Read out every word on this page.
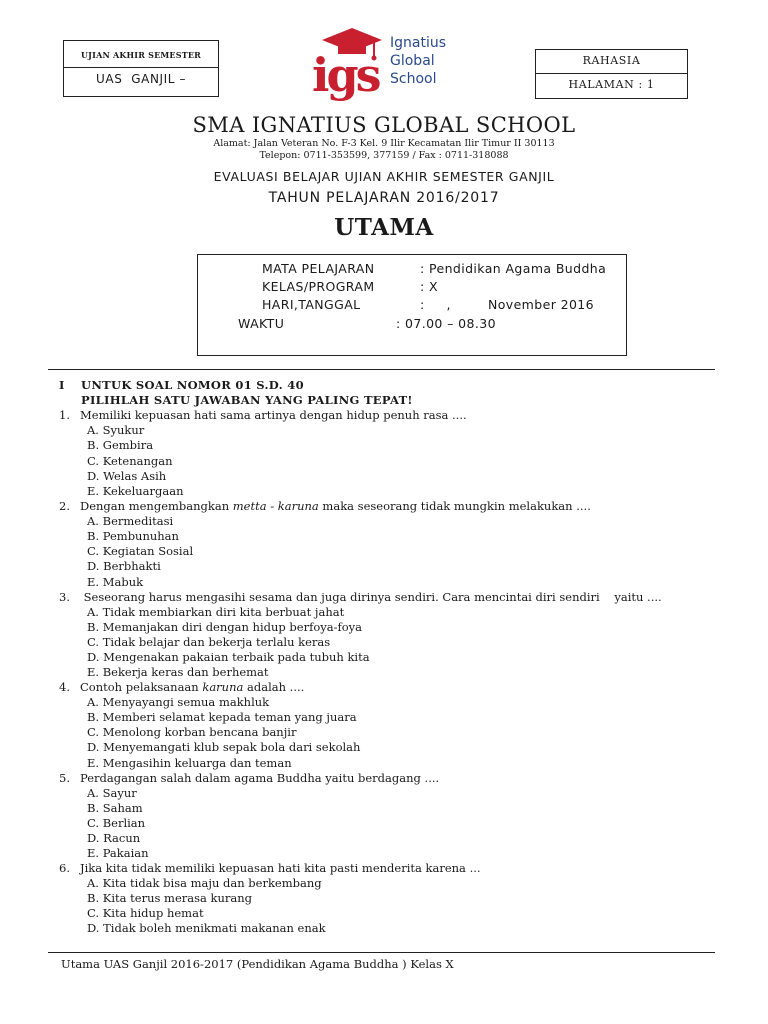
UJIAN AKHIR SEMESTER
UAS  GANJIL –	igs
Ignatius
Global
School
RAHASIA
HALAMAN : 1
SMA IGNATIUS GLOBAL SCHOOL
Alamat: Jalan Veteran No. F-3 Kel. 9 Ilir Kecamatan Ilir Timur II 30113
Telepon: 0711-353599, 377159 / Fax : 0711-318088
EVALUASI BELAJAR UJIAN AKHIR SEMESTER GANJIL
TAHUN PELAJARAN 2016/2017
UTAMA
MATA PELAJARAN	: Pendidikan Agama Buddha
KELAS/PROGRAM	: X
HARI,TANGGAL	:     ,	November 2016
WAKTU	: 07.00 – 08.30
I UNTUK SOAL NOMOR 01 S.D. 40
PILIHLAH SATU JAWABAN YANG PALING TEPAT!
1. Memiliki kepuasan hati sama artinya dengan hidup penuh rasa ....
A. Syukur
B. Gembira
C. Ketenangan
D. Welas Asih
E. Kekeluargaan
2. Dengan mengembangkan metta - karuna maka seseorang tidak mungkin melakukan ....
A. Bermeditasi
B. Pembunuhan
C. Kegiatan Sosial
D. Berbhakti
E. Mabuk
3. Seseorang harus mengasihi sesama dan juga dirinya sendiri. Cara mencintai diri sendiri    yaitu ....
A. Tidak membiarkan diri kita berbuat jahat
B. Memanjakan diri dengan hidup berfoya-foya
C. Tidak belajar dan bekerja terlalu keras
D. Mengenakan pakaian terbaik pada tubuh kita
E. Bekerja keras dan berhemat
4. Contoh pelaksanaan karuna adalah ....
A. Menyayangi semua makhluk
B. Memberi selamat kepada teman yang juara
C. Menolong korban bencana banjir
D. Menyemangati klub sepak bola dari sekolah
E. Mengasihin keluarga dan teman
5. Perdagangan salah dalam agama Buddha yaitu berdagang ....
A. Sayur
B. Saham
C. Berlian
D. Racun
E. Pakaian
6. Jika kita tidak memiliki kepuasan hati kita pasti menderita karena ...
A. Kita tidak bisa maju dan berkembang
B. Kita terus merasa kurang
C. Kita hidup hemat
D. Tidak boleh menikmati makanan enak
Utama UAS Ganjil 2016-2017 (Pendidikan Agama Buddha ) Kelas X
